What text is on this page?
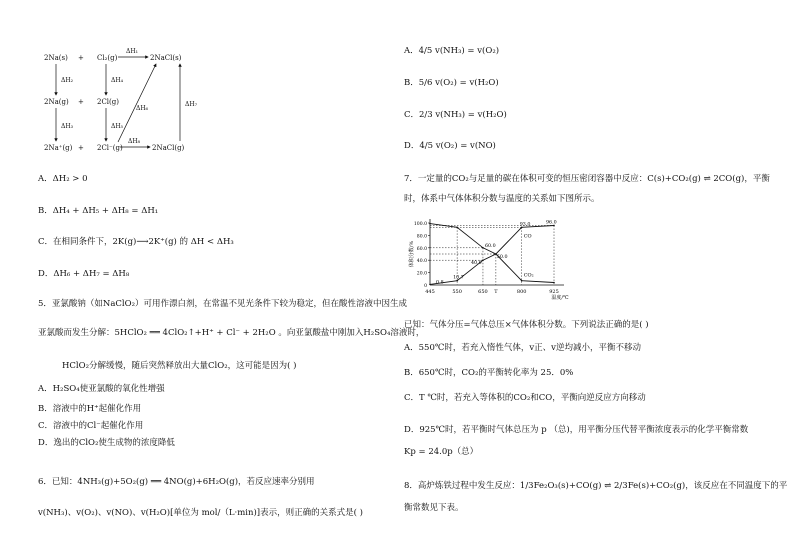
2Na(s) + Cl₂(g)	2NaCl(s)
ΔH₁
2Na(g) + 2Cl(g)
2Na⁺(g) + 2Cl⁻(g)	2NaCl(g)
ΔH₈
ΔH₂
ΔH₃
ΔH₄
ΔH₅
ΔH₆
ΔH₇
A．ΔH₂ > 0
B．ΔH₄ + ΔH₅ + ΔH₈ = ΔH₁
C．在相同条件下，2K(g)⟶2K⁺(g) 的 ΔH < ΔH₃
D．ΔH₆ + ΔH₇ = ΔH₈
5．亚氯酸钠（如NaClO₂）可用作漂白剂，在常温不见光条件下较为稳定，但在酸性溶液中因生成
亚氯酸而发生分解：5HClO₂ ══ 4ClO₂↑+H⁺ + Cl⁻ + 2H₂O 。向亚氯酸盐中刚加入H₂SO₄溶液时，
HClO₂分解缓慢，随后突然释放出大量ClO₂，这可能是因为( )
A．H₂SO₄使亚氯酸的氧化性增强
B．溶液中的H⁺起催化作用
C．溶液中的Cl⁻起催化作用
D．逸出的ClO₂使生成物的浓度降低
6．已知：4NH₃(g)+5O₂(g) ══ 4NO(g)+6H₂O(g)，若反应速率分别用
v(NH₃)、v(O₂)、v(NO)、v(H₂O)[单位为 mol/（L·min)]表示，则正确的关系式是( )
A．4/5 v(NH₃) = v(O₂)
B．5/6 v(O₂) = v(H₂O)
C．2/3 v(NH₃) = v(H₂O)
D．4/5 v(O₂) = v(NO)
7．一定量的CO₂与足量的碳在体积可变的恒压密闭容器中反应：C(s)+CO₂(g) ⇌ 2CO(g)，平衡
时，体系中气体体积分数与温度的关系如下图所示。
0
20.0
40.0
60.0
80.0
100.0
445	550	650 T	800	925
CO₂
CO
93.0	96.0
60.0
50.0
40.0
10.7
0.8
体积分数/%
温度/℃
已知：气体分压=气体总压×气体体积分数。下列说法正确的是( )
A．550℃时，若充入惰性气体，v正、v逆均减小，平衡不移动
B．650℃时，CO₂的平衡转化率为 25．0%
C．T ℃时，若充入等体积的CO₂和CO，平衡向逆反应方向移动
D．925℃时，若平衡时气体总压为 p （总)，用平衡分压代替平衡浓度表示的化学平衡常数
Kp = 24.0p（总）
8．高炉炼铁过程中发生反应：1/3Fe₂O₃(s)+CO(g) ⇌ 2/3Fe(s)+CO₂(g)，该反应在不同温度下的平
衡常数见下表。
